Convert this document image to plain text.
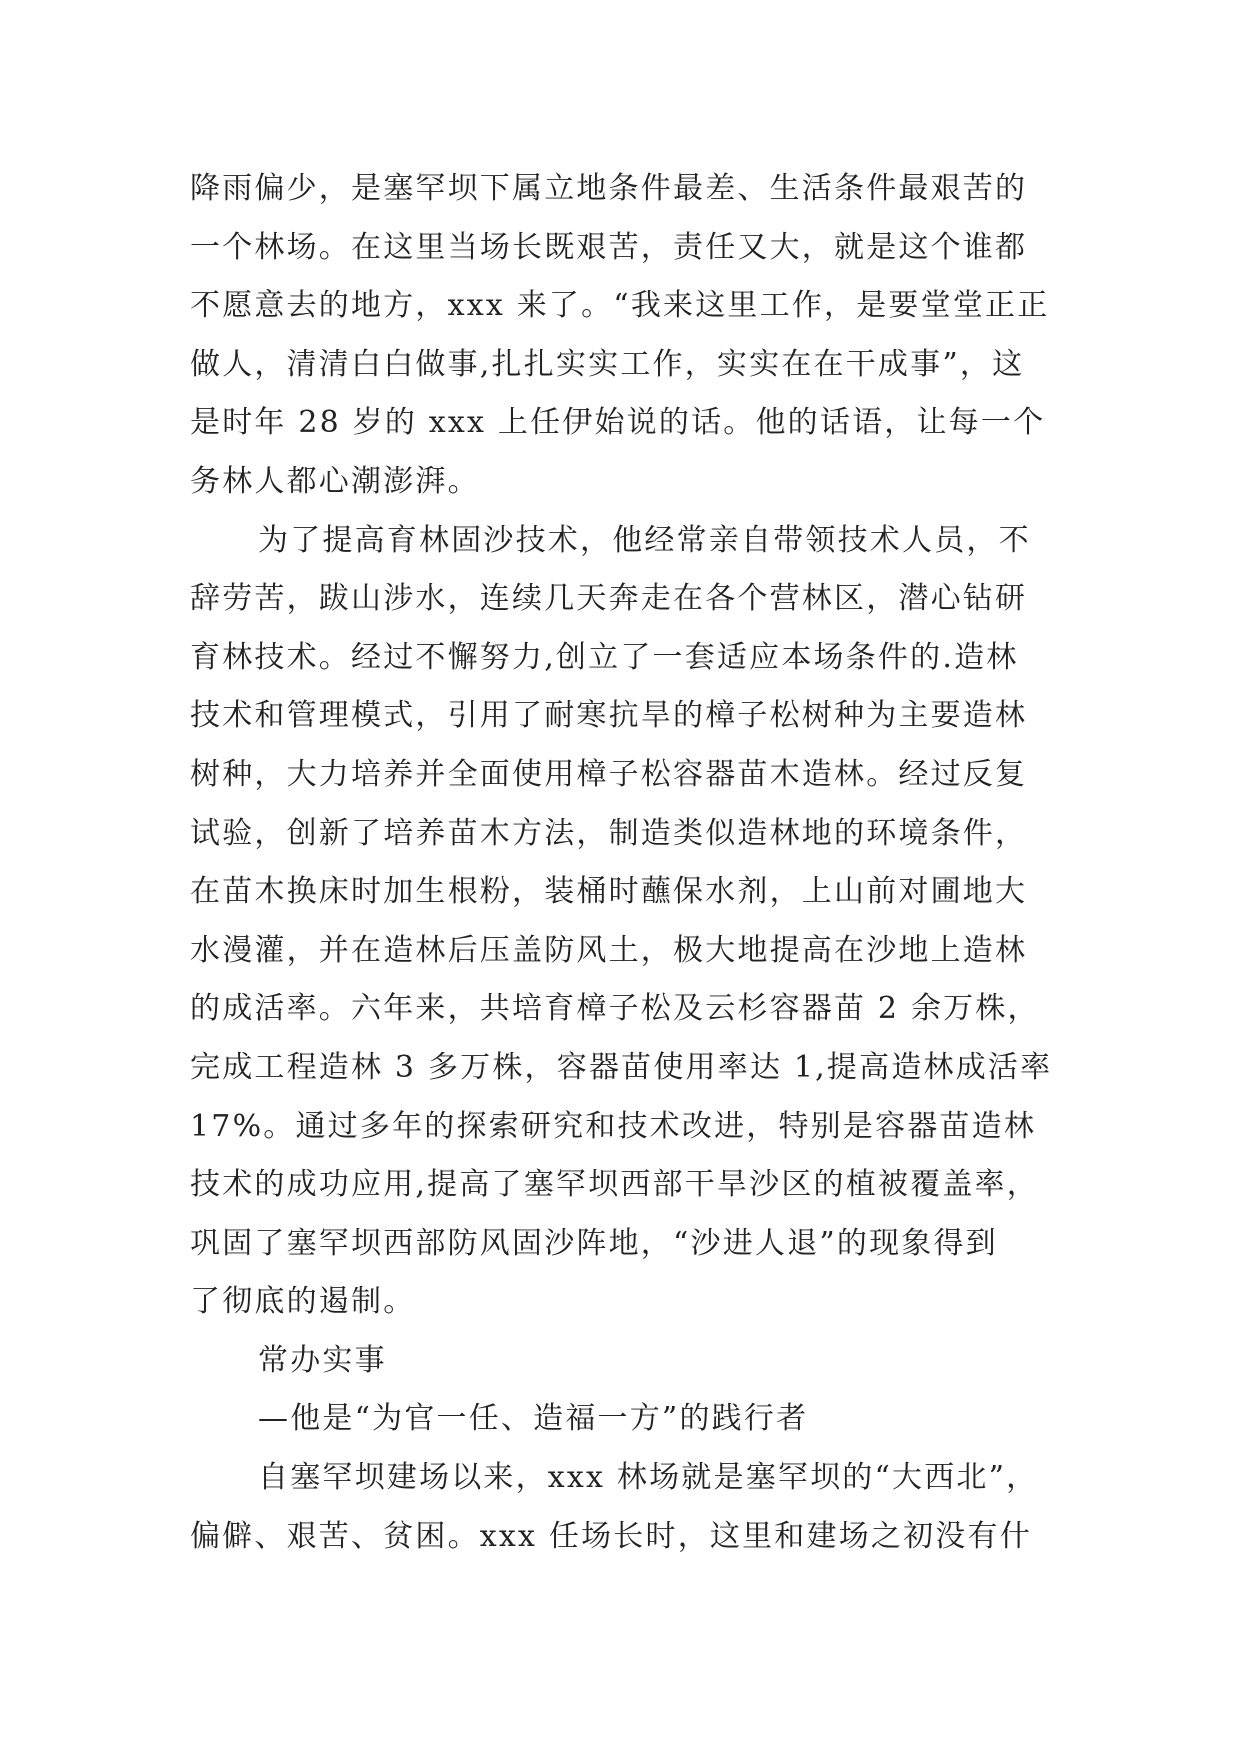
降雨偏少，是塞罕坝下属立地条件最差、生活条件最艰苦的
一个林场。在这里当场长既艰苦，责任又大，就是这个谁都
不愿意去的地方，xxx 来了。“我来这里工作，是要堂堂正正
做人，清清白白做事,扎扎实实工作，实实在在干成事”，这
是时年 28 岁的 xxx 上任伊始说的话。他的话语，让每一个
务林人都心潮澎湃。
为了提高育林固沙技术，他经常亲自带领技术人员，不
辞劳苦，跋山涉水，连续几天奔走在各个营林区，潜心钻研
育林技术。经过不懈努力,创立了一套适应本场条件的.造林
技术和管理模式，引用了耐寒抗旱的樟子松树种为主要造林
树种，大力培养并全面使用樟子松容器苗木造林。经过反复
试验，创新了培养苗木方法，制造类似造林地的环境条件，
在苗木换床时加生根粉，装桶时蘸保水剂，上山前对圃地大
水漫灌，并在造林后压盖防风土，极大地提高在沙地上造林
的成活率。六年来，共培育樟子松及云杉容器苗 2 余万株，
完成工程造林 3 多万株，容器苗使用率达 1,提高造林成活率
17%。通过多年的探索研究和技术改进，特别是容器苗造林
技术的成功应用,提高了塞罕坝西部干旱沙区的植被覆盖率，
巩固了塞罕坝西部防风固沙阵地，“沙进人退”的现象得到
了彻底的遏制。
常办实事
—他是“为官一任、造福一方”的践行者
自塞罕坝建场以来，xxx 林场就是塞罕坝的“大西北”，
偏僻、艰苦、贫困。xxx 任场长时，这里和建场之初没有什
